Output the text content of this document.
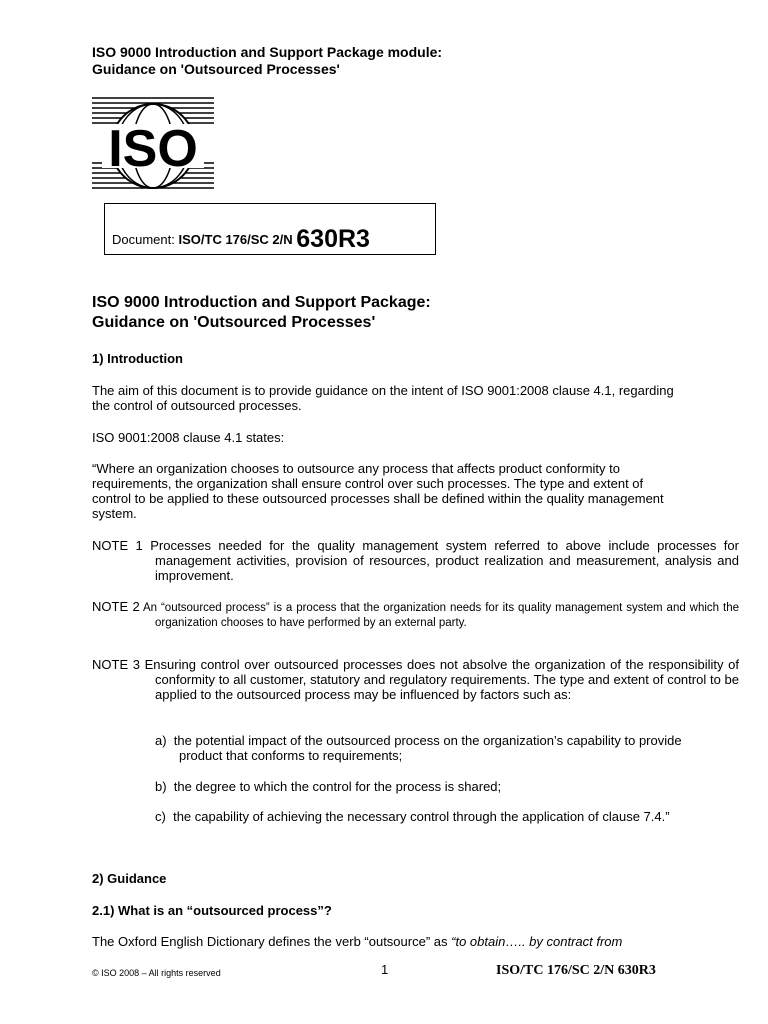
ISO 9000 Introduction and Support Package module:
Guidance on 'Outsourced Processes'
ISO
Document: ISO/TC 176/SC 2/N 630R3
ISO 9000 Introduction and Support Package:
Guidance on 'Outsourced Processes'
1) Introduction
The aim of this document is to provide guidance on the intent of ISO 9001:2008 clause 4.1, regarding the control of outsourced processes.
ISO 9001:2008 clause 4.1 states:
“Where an organization chooses to outsource any process that affects product conformity to requirements, the organization shall ensure control over such processes. The type and extent of control to be applied to these outsourced processes shall be defined within the quality management system.
NOTE 1 Processes needed for the quality management system referred to above include processes for management activities, provision of resources, product realization and measurement, analysis and improvement.
NOTE 2 An “outsourced process” is a process that the organization needs for its quality management system and which the organization chooses to have performed by an external party.
NOTE 3 Ensuring control over outsourced processes does not absolve the organization of the responsibility of conformity to all customer, statutory and regulatory requirements. The type and extent of control to be applied to the outsourced process may be influenced by factors such as:
a) the potential impact of the outsourced process on the organization’s capability to provide product that conforms to requirements;
b) the degree to which the control for the process is shared;
c) the capability of achieving the necessary control through the application of clause 7.4.”
2) Guidance
2.1) What is an “outsourced process”?
The Oxford English Dictionary defines the verb “outsource” as “to obtain….. by contract from
© ISO 2008 – All rights reserved	1	ISO/TC 176/SC 2/N 630R3
